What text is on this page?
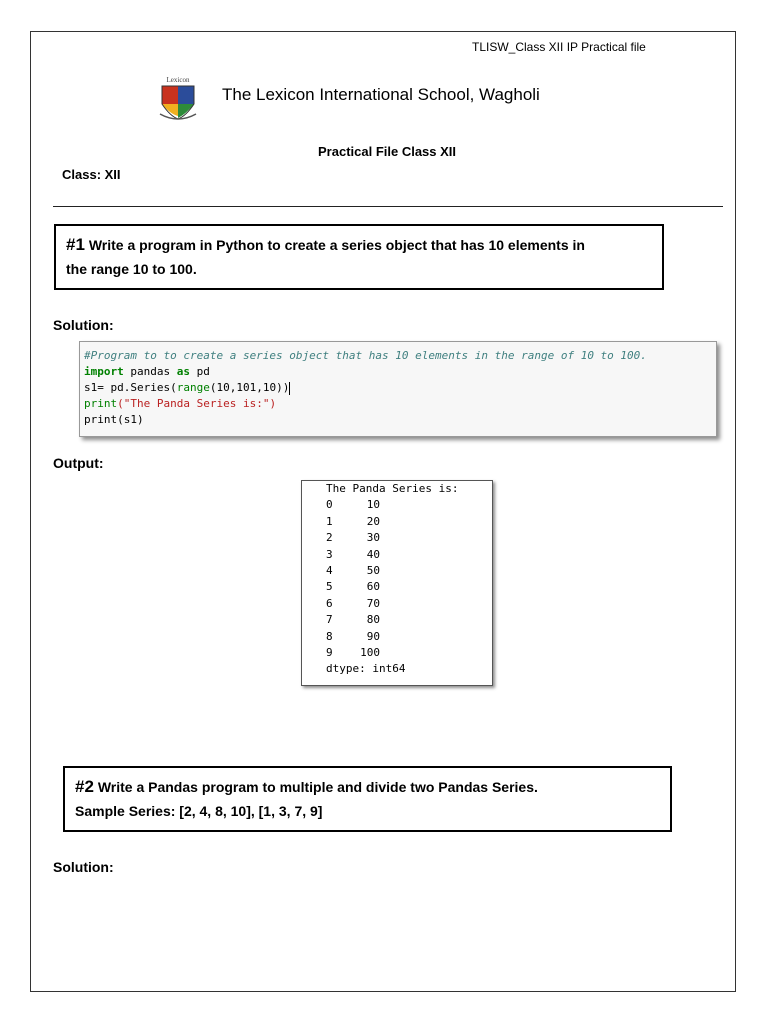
TLISW_Class XII IP Practical file
Lexicon
The Lexicon International School, Wagholi
Practical File Class XII
Class: XII
#1 Write a program in Python to create a series object that has 10 elements in
the range 10 to 100.
Solution:
#Program to to create a series object that has 10 elements in the range of 10 to 100.
import pandas as pd
s1= pd.Series(range(10,101,10))
print("The Panda Series is:")
print(s1)
Output:
The Panda Series is:
0	10
1	20
2	30
3	40
4	50
5	60
6	70
7	80
8	90
9	100
dtype: int64
#2 Write a Pandas program to multiple and divide two Pandas Series.
Sample Series: [2, 4, 8, 10], [1, 3, 7, 9]
Solution:
